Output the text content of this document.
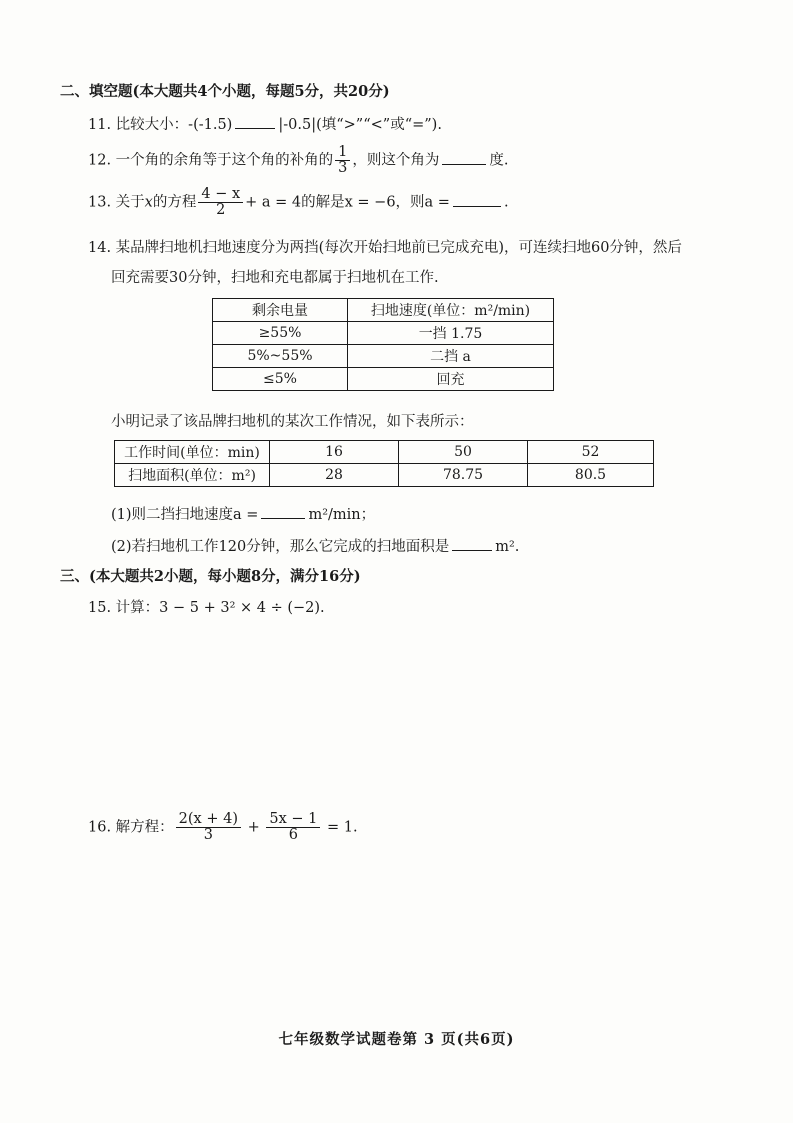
二、填空题(本大题共4个小题，每题5分，共20分)
11. 比较大小：-(-1.5)	|-0.5|(填“>”“<”或“=”).
12. 一个角的余角等于这个角的补角的 $\frac{1}{3}$ ，则这个角为	度.
13. 关于x的方程 $\frac{4 - x}{2} + a = 4$的解是x = −6，则a =	.
14. 某品牌扫地机扫地速度分为两挡(每次开始扫地前已完成充电)，可连续扫地60分钟，然后
回充需要30分钟，扫地和充电都属于扫地机在工作.
剩余电量	扫地速度(单位：m²/min)
≥55%	一挡 1.75
5%~55%	二挡 a
≤5%	回充
小明记录了该品牌扫地机的某次工作情况，如下表所示：
工作时间(单位：min)	16	50	52
扫地面积(单位：m²)	28	78.75	80.5
(1)则二挡扫地速度a =	m²/min；
(2)若扫地机工作120分钟，那么它完成的扫地面积是	m².
三、(本大题共2小题，每小题8分，满分16分)
15. 计算：3 − 5 + 3² × 4 ÷ (−2).
16. 解方程： $\frac{2(x + 4)}{3} + \frac{5x - 1}{6} = 1$.
七年级数学试题卷第 3 页(共6页)
